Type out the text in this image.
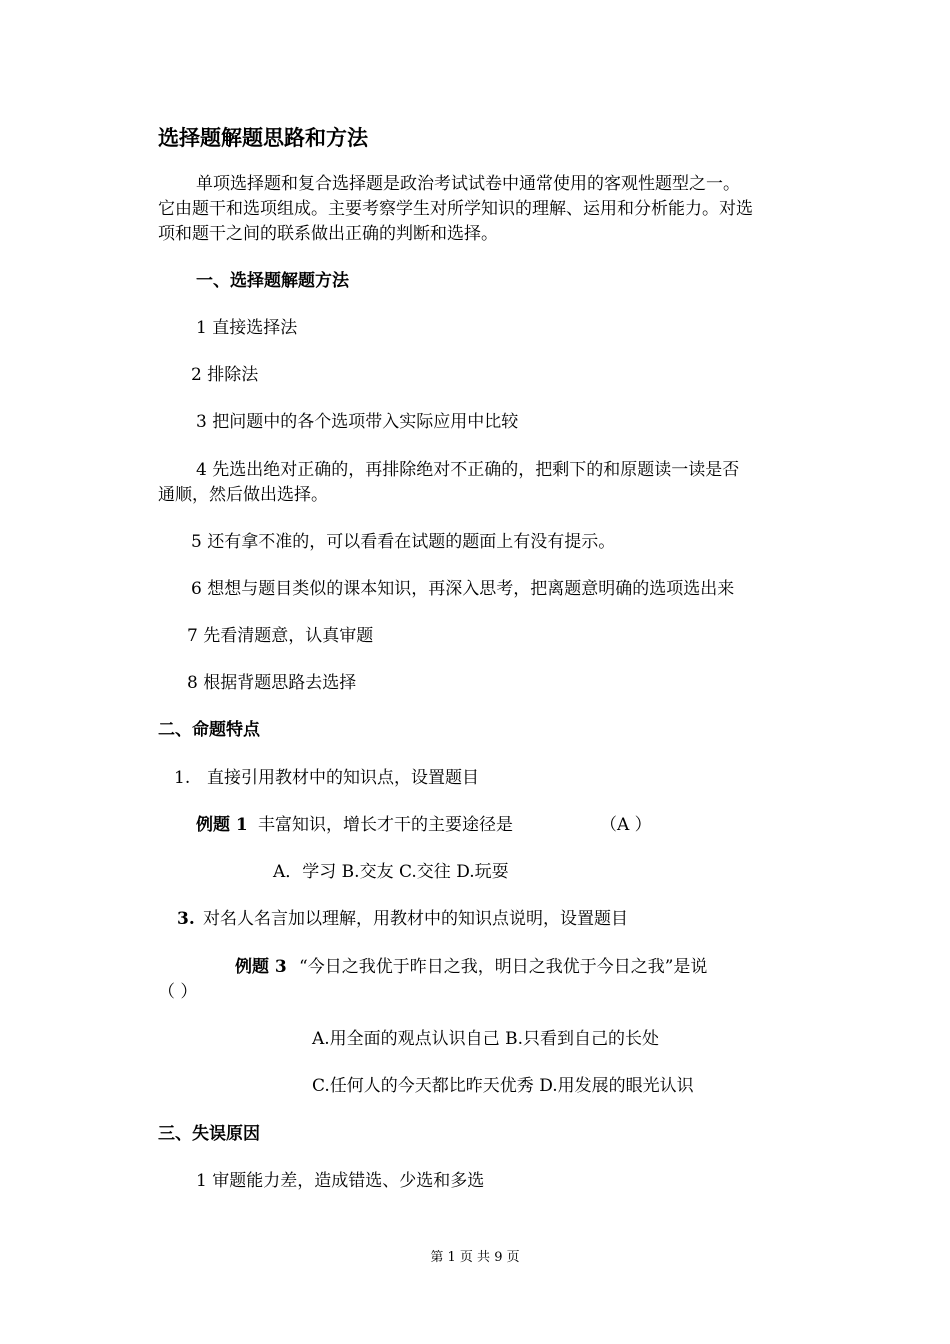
选择题解题思路和方法
单项选择题和复合选择题是政治考试试卷中通常使用的客观性题型之一。
它由题干和选项组成。主要考察学生对所学知识的理解、运用和分析能力。对选
项和题干之间的联系做出正确的判断和选择。
一、选择题解题方法
1 直接选择法
2 排除法
3 把问题中的各个选项带入实际应用中比较
4 先选出绝对正确的，再排除绝对不正确的，把剩下的和原题读一读是否
通顺，然后做出选择。
5 还有拿不准的，可以看看在试题的题面上有没有提示。
6 想想与题目类似的课本知识，再深入思考，把离题意明确的选项选出来
7 先看清题意，认真审题
8 根据背题思路去选择
二、命题特点
1. 直接引用教材中的知识点，设置题目
例题 1 丰富知识，增长才干的主要途径是	（A ）
A．学习 B.交友 C.交往 D.玩耍
3. 对名人名言加以理解，用教材中的知识点说明，设置题目
例题 3 “今日之我优于昨日之我，明日之我优于今日之我”是说
（ ）
A.用全面的观点认识自己 B.只看到自己的长处
C.任何人的今天都比昨天优秀 D.用发展的眼光认识
三、失误原因
1 审题能力差，造成错选、少选和多选
第 1 页 共 9 页
